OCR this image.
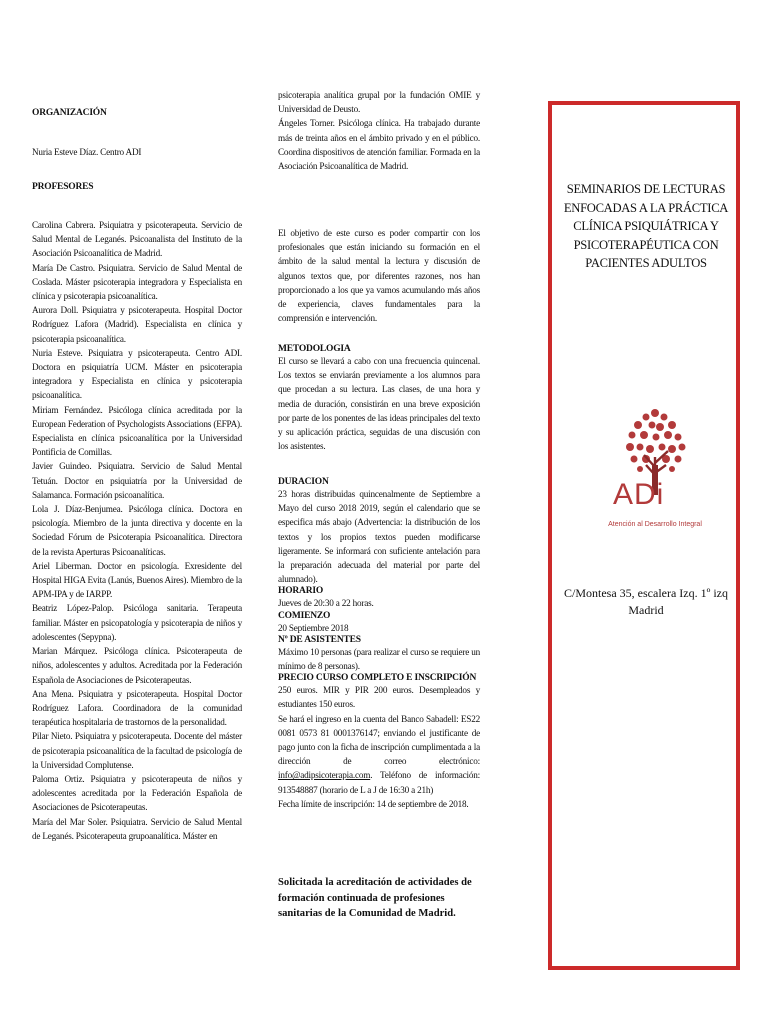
ORGANIZACIÓN

Nuria Esteve Díaz. Centro ADI

PROFESORES

Carolina Cabrera. Psiquiatra y psicoterapeuta. Servicio de Salud Mental de Leganés. Psicoanalista del Instituto de la Asociación Psicoanalítica de Madrid.

María De Castro. Psiquiatra. Servicio de Salud Mental de Coslada. Máster psicoterapia integradora y Especialista en clínica y psicoterapia psicoanalítica.

Aurora Doll. Psiquiatra y psicoterapeuta. Hospital Doctor Rodríguez Lafora (Madrid). Especialista en clínica y psicoterapia psicoanalítica.

Nuria Esteve. Psiquiatra y psicoterapeuta. Centro ADI. Doctora en psiquiatría UCM. Máster en psicoterapia integradora y Especialista en clínica y psicoterapia psicoanalítica.

Miriam Fernández. Psicóloga clínica acreditada por la European Federation of Psychologists Associations (EFPA). Especialista en clínica psicoanalítica por la Universidad Pontificia de Comillas.

Javier Guindeo. Psiquiatra. Servicio de Salud Mental Tetuán. Doctor en psiquiatría por la Universidad de Salamanca. Formación psicoanalítica.

Lola J. Díaz-Benjumea. Psicóloga clínica. Doctora en psicología. Miembro de la junta directiva y docente en la Sociedad Fórum de Psicoterapia Psicoanalítica. Directora de la revista Aperturas Psicoanalíticas.

Ariel Liberman. Doctor en psicología. Exresidente del Hospital HIGA Evita (Lanús, Buenos Aires). Miembro de la APM-IPA y de IARPP.

Beatriz López-Palop. Psicóloga sanitaria. Terapeuta familiar. Máster en psicopatología y psicoterapia de niños y adolescentes (Sepypna).

Marian Márquez. Psicóloga clínica. Psicoterapeuta de niños, adolescentes y adultos. Acreditada por la Federación Española de Asociaciones de Psicoterapeutas.

Ana Mena. Psiquiatra y psicoterapeuta. Hospital Doctor Rodríguez Lafora. Coordinadora de la comunidad terapéutica hospitalaria de trastornos de la personalidad.

Pilar Nieto. Psiquiatra y psicoterapeuta. Docente del máster de psicoterapia psicoanalítica de la facultad de psicología de la Universidad Complutense.

Paloma Ortiz. Psiquiatra y psicoterapeuta de niños y adolescentes acreditada por la Federación Española de Asociaciones de Psicoterapeutas.

María del Mar Soler. Psiquiatra. Servicio de Salud Mental de Leganés. Psicoterapeuta grupoanalítica. Máster en

psicoterapia analítica grupal por la fundación OMIE y Universidad de Deusto.

Ángeles Torner. Psicóloga clínica. Ha trabajado durante más de treinta años en el ámbito privado y en el público. Coordina dispositivos de atención familiar. Formada en la Asociación Psicoanalítica de Madrid.

El objetivo de este curso es poder compartir con los profesionales que están iniciando su formación en el ámbito de la salud mental la lectura y discusión de algunos textos que, por diferentes razones, nos han proporcionado a los que ya vamos acumulando más años de experiencia, claves fundamentales para la comprensión e intervención.

METODOLOGIA

El curso se llevará a cabo con una frecuencia quincenal. Los textos se enviarán previamente a los alumnos para que procedan a su lectura. Las clases, de una hora y media de duración, consistirán en una breve exposición por parte de los ponentes de las ideas principales del texto y su aplicación práctica, seguidas de una discusión con los asistentes.

DURACION

23 horas distribuidas quincenalmente de Septiembre a Mayo del curso 2018 2019, según el calendario que se especifica más abajo (Advertencia: la distribución de los textos y los propios textos pueden modificarse ligeramente. Se informará con suficiente antelación para la preparación adecuada del material por parte del alumnado).

HORARIO

Jueves de 20:30 a 22 horas.

COMIENZO

20 Septiembre 2018

Nº DE ASISTENTES

Máximo 10 personas (para realizar el curso se requiere un mínimo de 8 personas).

PRECIO CURSO COMPLETO E INSCRIPCIÓN

250 euros. MIR y PIR 200 euros. Desempleados y estudiantes 150 euros.

Se hará el ingreso en la cuenta del Banco Sabadell: ES22 0081 0573 81 0001376147; enviando el justificante de pago junto con la ficha de inscripción cumplimentada a la dirección de correo electrónico: info@adipsicoterapia.com. Teléfono de información: 913548887 (horario de L a J de 16:30 a 21h)

Fecha límite de inscripción: 14 de septiembre de 2018.

Solicitada la acreditación de actividades de formación continuada de profesiones sanitarias de la Comunidad de Madrid.

SEMINARIOS DE LECTURAS ENFOCADAS A LA PRÁCTICA CLÍNICA PSIQUIÁTRICA Y PSICOTERAPÉUTICA CON PACIENTES ADULTOS
ADi
Atención al Desarrollo Integral
C/Montesa 35, escalera Izq. 1º izq
Madrid
